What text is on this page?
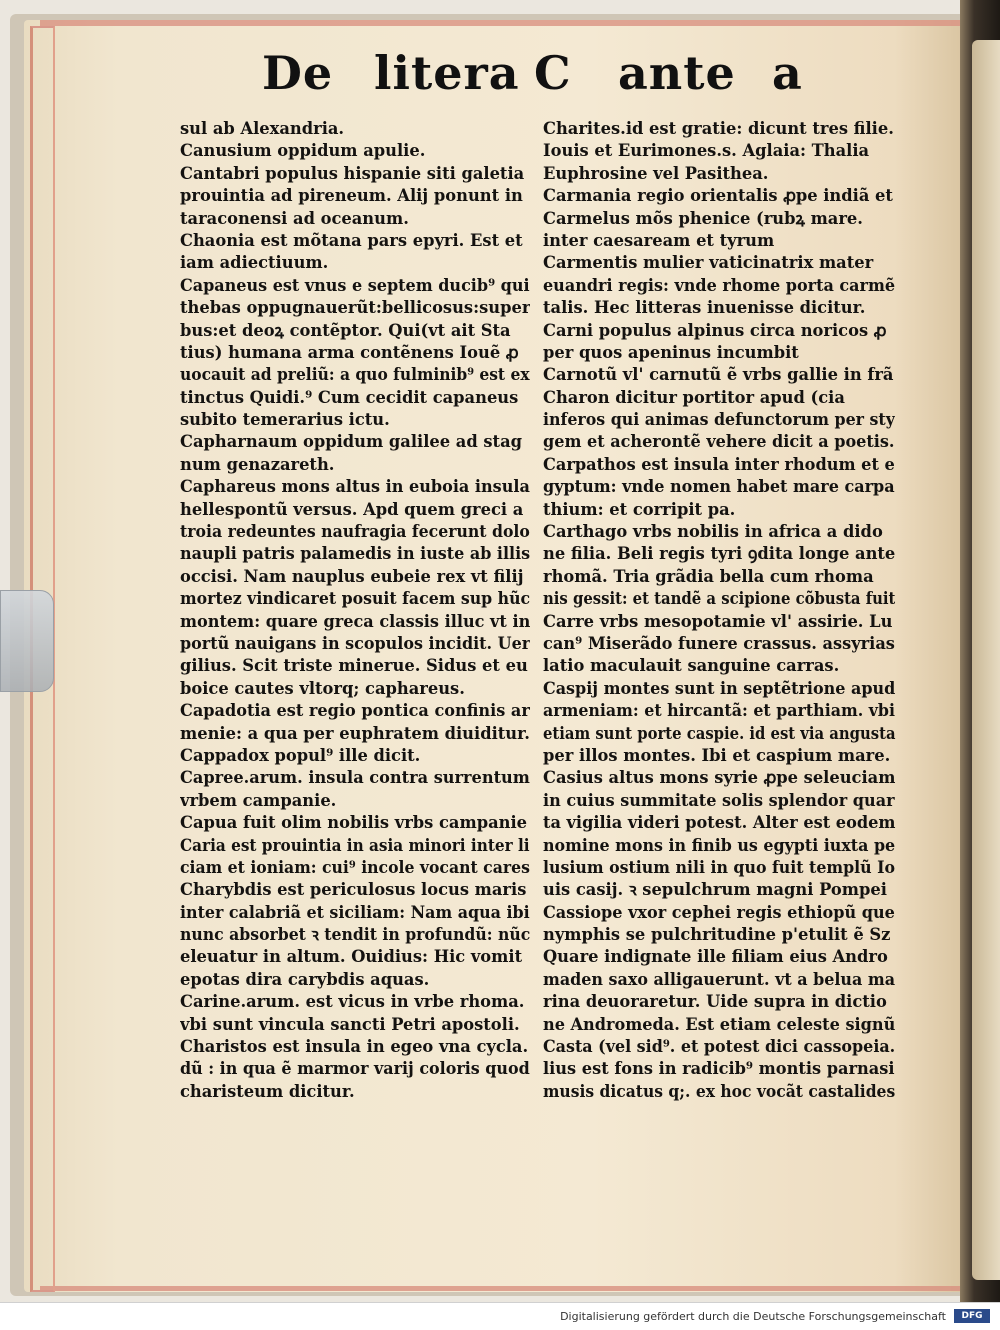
De litera C ante a
sul ab Alexandria.
Canusium oppidum apulie.
Cantabri populus hispanie siti galetia
prouintia ad pireneum. Alij ponunt in
taraconensi ad oceanum.
Chaonia est mõtana pars epyri. Est et
iam adiectiuum.
Capaneus est vnus e septem ducib⁹ qui
thebas oppugnauerũt:bellicosus:super
bus:et deoꝝ contẽptor. Qui(vt ait Sta
tius) humana arma contẽnens Iouẽ ꝓ
uocauit ad preliũ: a quo fulminib⁹ est ex
tinctus Quidi.⁹ Cum cecidit capaneus
subito temerarius ictu.
Capharnaum oppidum galilee ad stag
num genazareth.
Caphareus mons altus in euboia insula
hellespontũ versus. Apd quem greci a
troia redeuntes naufragia fecerunt dolo
naupli patris palamedis in iuste ab illis
occisi. Nam nauplus eubeie rex vt filij
mortez vindicaret posuit facem sup hũc
montem: quare greca classis illuc vt in
portũ nauigans in scopulos incidit. Uer
gilius. Scit triste minerue. Sidus et eu
boice cautes vltorq; caphareus.
Capadotia est regio pontica confinis ar
menie: a qua per euphratem diuiditur.
Cappadox popul⁹ ille dicit.
Capree.arum. insula contra surrentum
vrbem campanie.
Capua fuit olim nobilis vrbs campanie
Caria est prouintia in asia minori inter li
ciam et ioniam: cui⁹ incole vocant cares
Charybdis est periculosus locus maris
inter calabriã et siciliam: Nam aqua ibi
nunc absorbet ꝛ tendit in profundũ: nũc
eleuatur in altum. Ouidius: Hic vomit
epotas dira carybdis aquas.
Carine.arum. est vicus in vrbe rhoma.
vbi sunt vincula sancti Petri apostoli.
Charistos est insula in egeo vna cycla.
dũ : in qua ẽ marmor varij coloris quod
charisteum dicitur.
Charites.id est gratie: dicunt tres filie.
Iouis et Eurimones.s. Aglaia: Thalia
Euphrosine vel Pasithea.
Carmania regio orientalis ꝓpe indiã et
Carmelus mõs phenice (rubꝝ mare.
inter caesaream et tyrum
Carmentis mulier vaticinatrix mater
euandri regis: vnde rhome porta carmẽ
talis. Hec litteras inuenisse dicitur.
Carni populus alpinus circa noricos ꝓ
per quos apeninus incumbit
Carnotũ vl' carnutũ ẽ vrbs gallie in frã
Charon dicitur portitor apud (cia
inferos qui animas defunctorum per sty
gem et acherontẽ vehere dicit a poetis.
Carpathos est insula inter rhodum et e
gyptum: vnde nomen habet mare carpa
thium: et corripit pa.
Carthago vrbs nobilis in africa a dido
ne filia. Beli regis tyri ꝯdita longe ante
rhomã. Tria grãdia bella cum rhoma
nis gessit: et tandẽ a scipione cõbusta fuit
Carre vrbs mesopotamie vl' assirie. Lu
can⁹ Miserãdo funere crassus. assyrias
latio maculauit sanguine carras.
Caspij montes sunt in septẽtrione apud
armeniam: et hircantã: et parthiam. vbi
etiam sunt porte caspie. id est via angusta
per illos montes. Ibi et caspium mare.
Casius altus mons syrie ꝓpe seleuciam
in cuius summitate solis splendor quar
ta vigilia videri potest. Alter est eodem
nomine mons in finib us egypti iuxta pe
lusium ostium nili in quo fuit templũ Io
uis casij. ꝛ sepulchrum magni Pompei
Cassiope vxor cephei regis ethiopũ que
nymphis se pulchritudine p'etulit ẽ Sz
Quare indignate ille filiam eius Andro
maden saxo alligauerunt. vt a belua ma
rina deuoraretur. Uide supra in dictio
ne Andromeda. Est etiam celeste signũ
Casta (vel sid⁹. et potest dici cassopeia.
lius est fons in radicib⁹ montis parnasi
musis dicatus q;. ex hoc vocãt castalides
Digitalisierung gefördert durch die Deutsche Forschungsgemeinschaft	DFG
